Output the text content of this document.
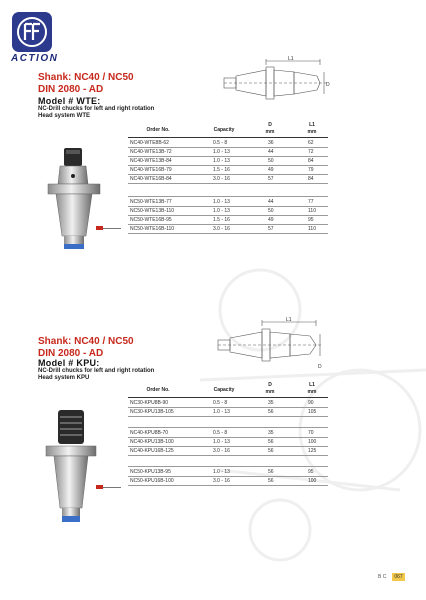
ACTION
Shank: NC40 / NC50
DIN 2080 - AD
Model # WTE:
NC-Drill chucks for left and right rotation
Head system WTE
L1
D
Order No.	Capacity
D
mm
L1
mm
NC40-WTE8B-62	0.5 - 8	36	62
NC40-WTE13B-72	1.0 - 13	44	72
NC40-WTE13B-84	1.0 - 13	50	84
NC40-WTE16B-79	1.5 - 16	49	79
NC40-WTE16B-84	3.0 - 16	57	84
NC50-WTE13B-77	1.0 - 13	44	77
NC50-WTE13B-110	1.0 - 13	50	110
NC50-WTE16B-95	1.5 - 16	49	95
NC50-WTE16B-110	3.0 - 16	57	110
Shank: NC40 / NC50
DIN 2080 - AD
Model # KPU:
NC-Drill chucks for left and right rotation
Head system KPU
L1
D
Order No.	Capacity
D
mm
L1
mm
NC30-KPU8B-90	0.5 - 8	35	90
NC30-KPU13B-105	1.0 - 13	56	105
NC40-KPU8B-70	0.5 - 8	35	70
NC40-KPU13B-100	1.0 - 13	56	100
NC40-KPU16B-125	3.0 - 16	56	125
NC50-KPU13B-95	1.0 - 13	56	95
NC50-KPU16B-100	3.0 - 16	56	100
B C	067
